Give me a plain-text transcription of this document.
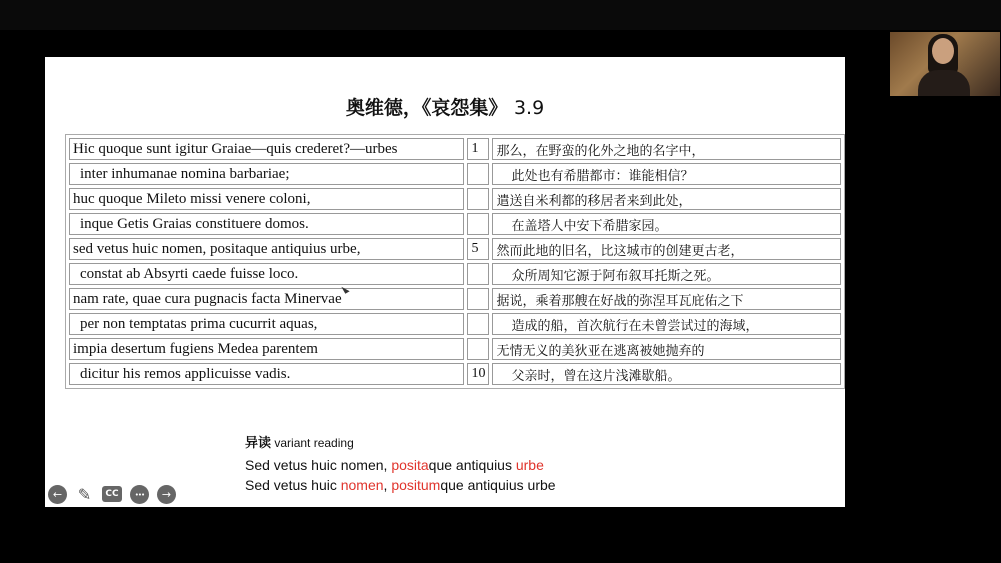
奥维德，《哀怨集》 3.9
Hic quoque sunt igitur Graiae—quis crederet?—urbes	1	那么，在野蛮的化外之地的名字中，
inter inhumanae nomina barbariae;		此处也有希腊都市：谁能相信？
huc quoque Mileto missi venere coloni,		遣送自米利都的移居者来到此处，
inque Getis Graias constituere domos.		在盖塔人中安下希腊家园。
sed vetus huic nomen, positaque antiquius urbe,	5	然而此地的旧名，比这城市的创建更古老，
constat ab Absyrti caede fuisse loco.		众所周知它源于阿布叙耳托斯之死。
nam rate, quae cura pugnacis facta Minervae		据说，乘着那艘在好战的弥涅耳瓦庇佑之下
per non temptatas prima cucurrit aquas,		造成的船，首次航行在未曾尝试过的海域，
impia desertum fugiens Medea parentem		无情无义的美狄亚在逃离被她抛弃的
dicitur his remos applicuisse vadis.	10	父亲时，曾在这片浅滩歇船。
异读 variant reading
Sed vetus huic nomen, positaque antiquius urbe
Sed vetus huic nomen, positumque antiquius urbe
← ✎ CC ••• →
